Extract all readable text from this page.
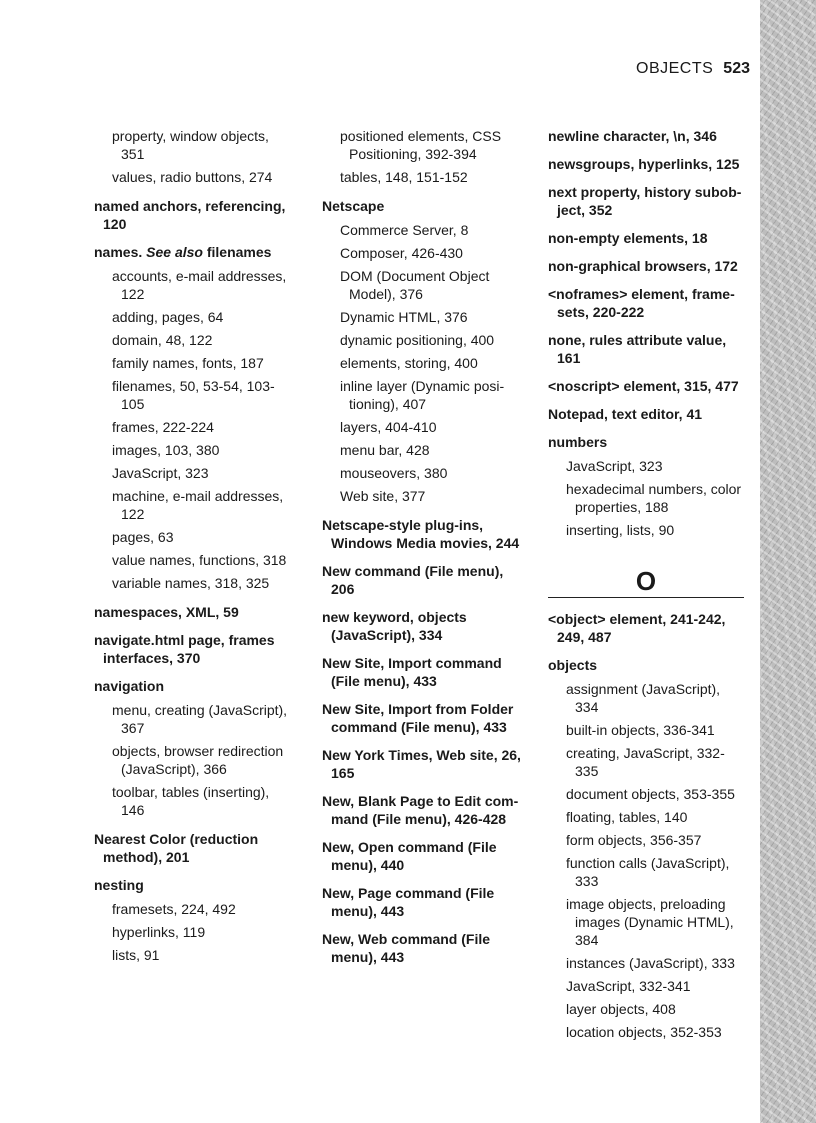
OBJECTS 523
property, window objects, 351
values, radio buttons, 274
named anchors, referencing, 120
names. See also filenames
accounts, e-mail addresses, 122
adding, pages, 64
domain, 48, 122
family names, fonts, 187
filenames, 50, 53-54, 103-105
frames, 222-224
images, 103, 380
JavaScript, 323
machine, e-mail addresses, 122
pages, 63
value names, functions, 318
variable names, 318, 325
namespaces, XML, 59
navigate.html page, frames interfaces, 370
navigation
menu, creating (JavaScript), 367
objects, browser redirection (JavaScript), 366
toolbar, tables (inserting), 146
Nearest Color (reduction method), 201
nesting
framesets, 224, 492
hyperlinks, 119
lists, 91
positioned elements, CSS Positioning, 392-394
tables, 148, 151-152
Netscape
Commerce Server, 8
Composer, 426-430
DOM (Document Object Model), 376
Dynamic HTML, 376
dynamic positioning, 400
elements, storing, 400
inline layer (Dynamic posi-tioning), 407
layers, 404-410
menu bar, 428
mouseovers, 380
Web site, 377
Netscape-style plug-ins, Windows Media movies, 244
New command (File menu), 206
new keyword, objects (JavaScript), 334
New Site, Import command (File menu), 433
New Site, Import from Folder command (File menu), 433
New York Times, Web site, 26, 165
New, Blank Page to Edit com-mand (File menu), 426-428
New, Open command (File menu), 440
New, Page command (File menu), 443
New, Web command (File menu), 443
newline character, \n, 346
newsgroups, hyperlinks, 125
next property, history subob-ject, 352
non-empty elements, 18
non-graphical browsers, 172
<noframes> element, frame-sets, 220-222
none, rules attribute value, 161
<noscript> element, 315, 477
Notepad, text editor, 41
numbers
JavaScript, 323
hexadecimal numbers, color properties, 188
inserting, lists, 90
O
<object> element, 241-242, 249, 487
objects
assignment (JavaScript), 334
built-in objects, 336-341
creating, JavaScript, 332-335
document objects, 353-355
floating, tables, 140
form objects, 356-357
function calls (JavaScript), 333
image objects, preloading images (Dynamic HTML), 384
instances (JavaScript), 333
JavaScript, 332-341
layer objects, 408
location objects, 352-353
